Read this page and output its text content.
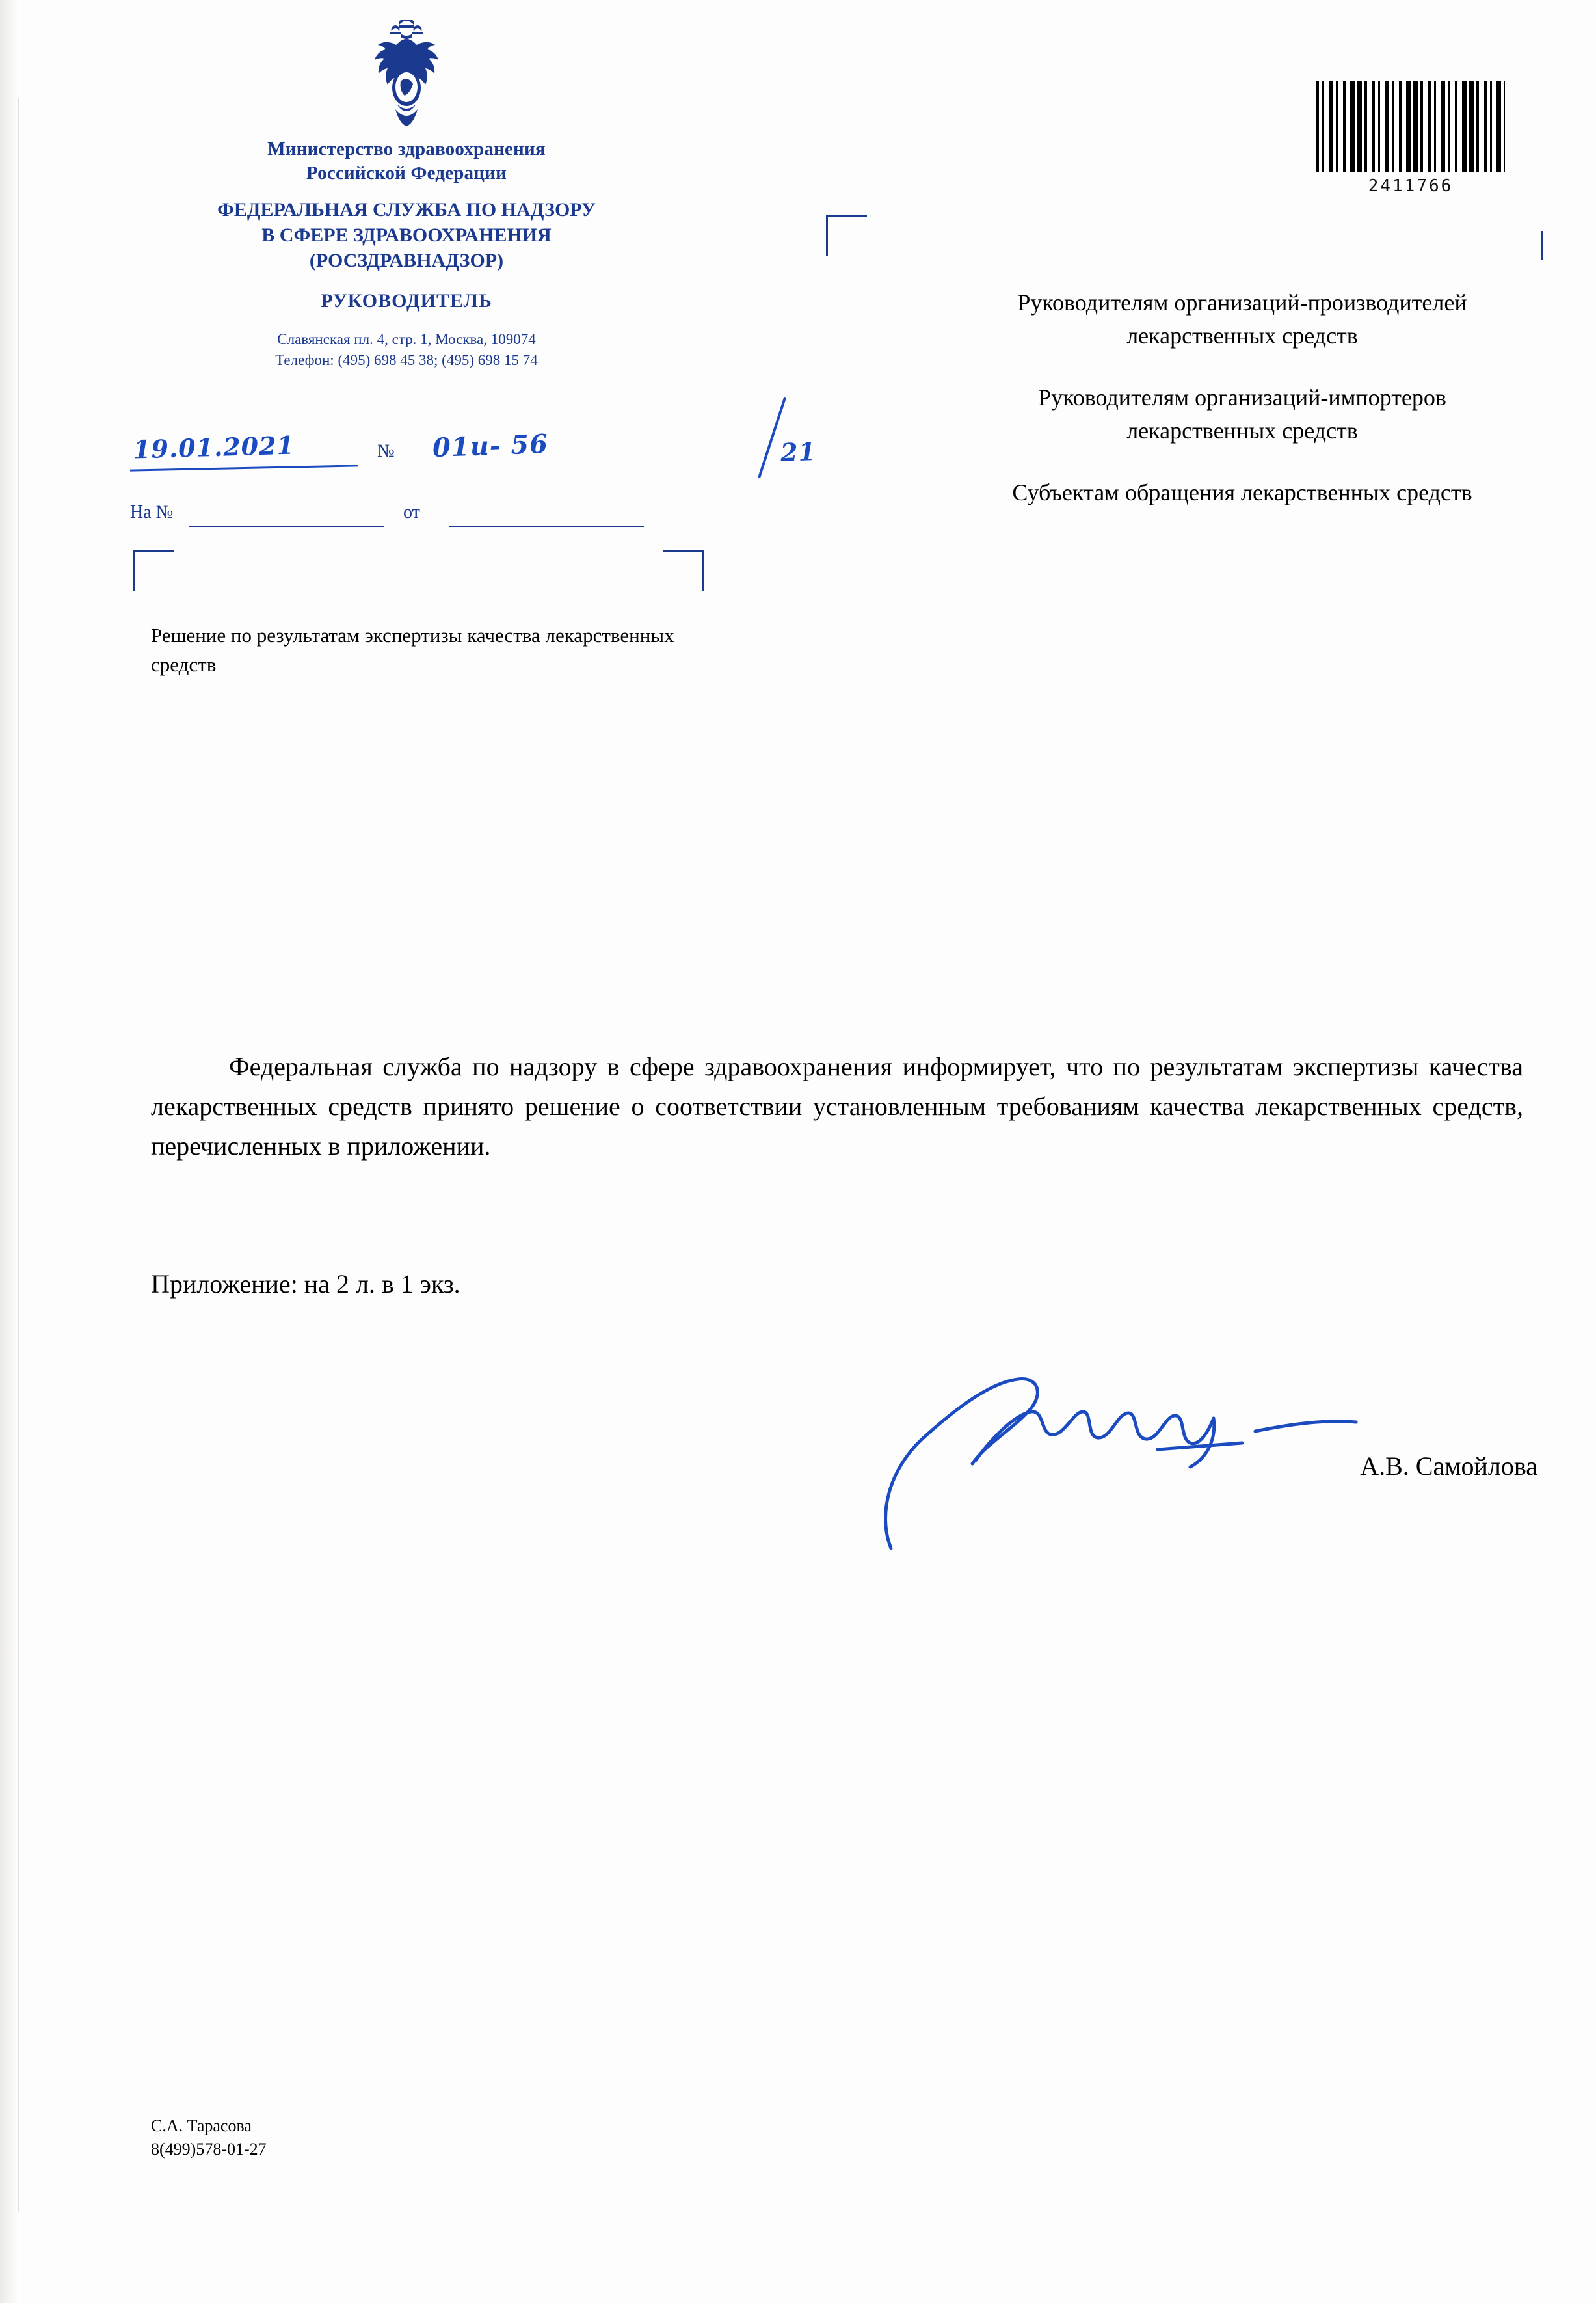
Министерство здравоохранения
Российской Федерации
ФЕДЕРАЛЬНАЯ СЛУЖБА ПО НАДЗОРУ
В СФЕРЕ ЗДРАВООХРАНЕНИЯ
(РОСЗДРАВНАДЗОР)
РУКОВОДИТЕЛЬ
Славянская пл. 4, стр. 1, Москва, 109074
Телефон: (495) 698 45 38; (495) 698 15 74
19.01.2021	№ 01и- 56	21
На №	от
Решение по результатам экспертизы качества лекарственных средств
2411766

Руководителям организаций-производителей лекарственных средств

Руководителям организаций-импортеров лекарственных средств

Субъектам обращения лекарственных средств

Федеральная служба по надзору в сфере здравоохранения информирует, что по результатам экспертизы качества лекарственных средств принято решение о соответствии установленным требованиям качества лекарственных средств, перечисленных в приложении.
Приложение: на 2 л. в 1 экз.
А.В. Самойлова
С.А. Тарасова
8(499)578-01-27
